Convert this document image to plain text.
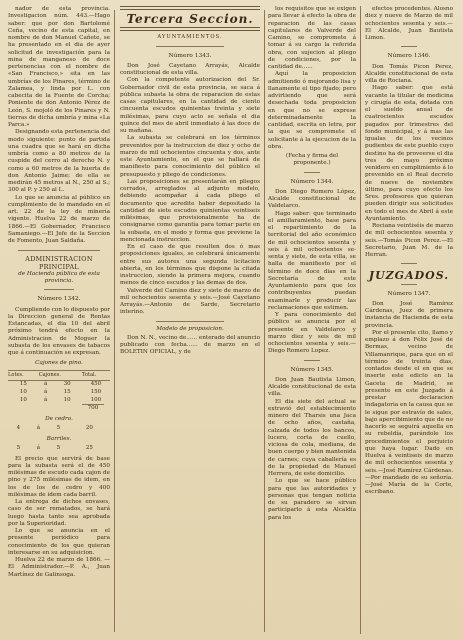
nador de esta provincia. Investigacion núm. 443.—Hago saber: que por don Bartolomé Ceña, vecino de esta capital, en nombre de don Manuel Cañete, se ha presentado en el dia de ayer solicitud de investigación para la mina de manganeso de doce pertenencias con el nombre de «San Francisco,» sita en las umbrías de los Pinares, término de Zalamea, y linda por L. con cabecita de la Fuente de Corcha; Poniente de don Antonio Pérez de León, S. mojoló de los Pinares y N. tierras de dicha umbría y mina «La Parca.»

Designando esta pertenencia del modo siguiente: punto de partida una cuadra que se hará en dicha umbría como a 80 metros de la cuspide del cerro al derecho N. y como a 60 metros de la huerta de don Antonio Jaime; de ella se medirán 45 metros al N., 250 al S.; 300 al P. y 250 al L.

Lo que se anuncia al público en cumplimiento de lo mandado en el art. 22 de la ley de minería vigente. Huelva 22 de marzo de 1866.—El Gobernador, Francisco Samaniego.—El Jefe de la Seccion de Fomento, Juan Saldaña.

ADMINISTRACION PRINCIPAL
de Hacienda pública de esta provincia.
Número 1342.

Cumpliendo con lo dispuesto por la Direccion general de Rentas Estancadas, el dia 10 del abril próximo tendrá efecto en la Administracion de Moguer la subasta de los envases de tabacos que á continuación se expresan.

Cajones de pino.
Lotes.	Cajones.		Total.
15	á	30	450
10	á	15	150
10	á	10	100
700
De cedro.
4	á	5	20
Barriles.
5	á	5	25

El precio que servirá de base para la subasta será el de 450 milésimas de escudo cada cajon de pino y 275 milésimas de idem, en los de los de cedro y 400 milésimas de idem cada barril.

La entrega de dichos envases, caso de ser rematados, se hará luego hasta tanto sea aprobada por la Superioridad.

Lo que se anuncia en el presente periódico para conocimiento de los que quieran interesarse en su adquisicion.

Huelva 22 de marzo de 1866. —El Administrador.—P. A., Juan Martínez de Galinsoga.

Tercera Seccion.
AYUNTAMIENTOS.
Número 1343.

Don José Cayetano Arrayás, Alcalde constitucional de esta villa.

Con la competente autorizacion del Sr. Gobernador civil de esta provincia, se saca á pública subasta la obra de reparacion de estas casas capitulares, en la cantidad de ciento cincuenta escudos quinientas treinta y siete milésimas, para cuyo acto se señala el dia quince del mes de abril inmediato á las doce de su mañana.

La subasta se celebrará en los términos prevenidos por la instruccion de diez y ocho de marzo de mil ochocientos cincuenta y dos, ante este Ayuntamiento, en el que se hallará de manifiesto para conocimiento del público el presupuesto y pliego de condiciones.

Las proposiciones se presentarán en pliegos cerrados, arreglados al adjunto modelo, debiendo acompañar á cada pliego el documento que acredite haber depositado la cantidad de siete escudos quinientas veintiseis milésimas, que provisionalmente ha de consignarse como garantía para tomar parte en la subasta, en el modo y forma que previene la mencionada instruccion.

En el caso de que resulten dos ó mas proposiciones iguales, se celebrará únicamente entre sus autores una segunda licitacion abierta, en los términos que dispone la citada instruccion, siendo la primera mejora, cuando menos de cinco escudos y las demas de dos.

Valverde del Camino diez y siete de marzo de mil ochocientos sesenta y seis.—José Cayetano Arrayás.—Antonio de Sarde, Secretario interino.

Modelo de proposicion.

Don N. N., vecino de...... enterado del anuncio publicado con fecha...... de marzo en el BOLETIN OFICIAL, y de

los requisitos que se exigen para llevar á efecto la obra de reparacion de las casas capitulares de Valverde del Camino, se compromete á tomar á su cargo la referida obra, con sujecion al pliego de condiciones, por la cantidad de......

Aquí la proposicion admitiendo ó mejorando lisa y llanamente el tipo fijado; pero advirtiendo que será desechada toda proposicion en que no se exprese determinadamente la cantidad, escrita en letra, por la que se compromete el solicitante á la ejecucion de la obra.

(Fecha y firma del proponente.)
Número 1344.

Don Diego Romero López, Alcalde constitucional de Valdelarco.

Hago saber: que terminado el amillaramiento, base para el repartimiento de la territorial del año económico de mil ochocientos sesenta y seis á mil ochocientos se-senta y siete, de esta villa, se halla de manifiesto por el término de doce dias en la Secretaría de este Ayuntamiento para que los contribuyentes puedan examinarle y producir las reclamaciones que estimen.

Y para conocimiento del público se anuncia por el presente en Valdelarco y marzo diez y seis de mil ochocientos sesenta y seis.—Diego Romero Lopez.

Número 1345.

Don Juan Bautista Limon, Alcalde constitucional de esta villa.

El dia siete del actual se extravió del establecimiento minero del Tharsis una Jaca de ocho años, castaña, calzada de todos los bancos, lucero, corta de cuello, viciosa de cola, mediana, de buen cuerpo y bien mantenida de carnes; cuya caballería es de la propiedad de Manuel Herrera, de este domicilio.

Lo que se hace público para que las autoridades y personas que tengan noticia de su paradero se sirvan participarlo á esta Alcaldía para los

efectos procedentes. Alosno diez y nueve de Marzo de mil ochocientos sesenta y seis.—El Alcalde, Juan Bautista Limon.

Número 1346.

Don Tomás Picon Perez, Alcalde constitucional de esta villa de Rociana.

Hago saber: que está vacante la titular de medicina y cirugía de esta, dotada con el sueldo anual de cuatrocientos escudos pagados por trimestres del fondo municipal, y á mas las igualas de los vecinos pudientes de este pueblo cuyo destino ha de proveerse el dia tres de mayo próximo venidero en cumplimiento á lo prevenido en el Real decreto de nueve de noviembre último, para cuyo efecto los Sres. profesores que quieran pueden dirigir sus solicitudes en todo el mes de Abril á este Ayuntamiento.

Rociana veintiséis de marzo de mil ochocientos sesenta y seis.—Tomás Picon Perez.—El Secretario, Juan M. de la Herran.

JUZGADOS.
Número 1347.

Don José Ramírez Cárdenas, Juez de primera instancia de Hacienda de esta provincia.

Por el presente cito, llamo y emplazo á don Félix José de Bermas, vecino de Villamanrique, para que en el término de treinta dias, contados desde el en que se inserte este edicto en la Gaceta de Madrid, se presente en este Juzgado á prestar declaracion indagatoria en la causa que se le sigue por estravío de sales, bajo apercibimiento que de no hacerlo se seguirá aquella en su rebeldía, parándole los procedimientos el perjuicio que haya lugar. Dado en Huelva á veintiseis de marzo de mil ochocientos sesenta y seis.—José Ramírez Cárdenas.—Por mandado de su señoría.—José María de la Corte, escribano.
